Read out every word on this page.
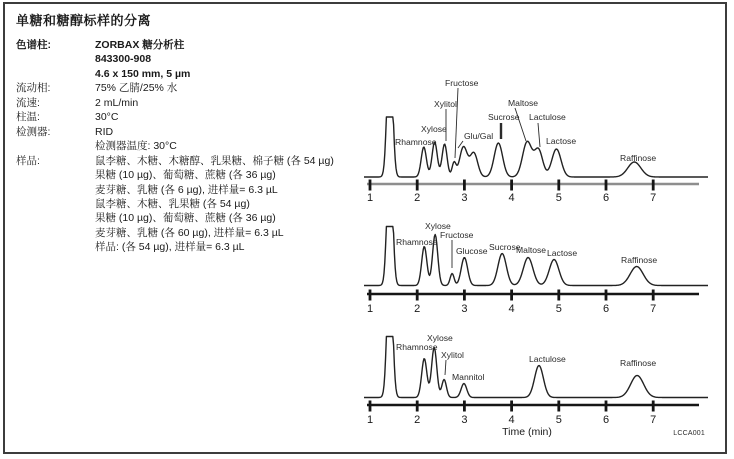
单糖和糖醇标样的分离
色谱柱:	ZORBAX 糖分析柱
843300-908
4.6 x 150 mm, 5 µm
流动相:	75% 乙腈/25% 水
流速:	2 mL/min
柱温:	30°C
检测器:	RID
检测器温度: 30°C
样品:	鼠李糖、木糖、木糖醇、乳果糖、棉子糖 (各 54 µg)
果糖 (10 µg)、葡萄糖、蔗糖 (各 36 µg)
麦芽糖、乳糖 (各 6 µg), 进样量= 6.3 µL
鼠李糖、木糖、乳果糖 (各 54 µg)
果糖 (10 µg)、葡萄糖、蔗糖 (各 36 µg)
麦芽糖、乳糖 (各 60 µg), 进样量= 6.3 µL
样品: (各 54 µg), 进样量= 6.3 µL
1	2	3	4	5	6	7
Rhamnose
Xylose
Xylitol
Fructose
Glu/Gal
Sucrose
Maltose
Lactulose
Lactose
Raffinose
1	2	3	4	5	6	7
Rhamnose
Xylose
Fructose
Glucose Sucrose
Maltose Lactose
Raffinose
1	2	3	4	5	6	7
Rhamnose
Xylose
Xylitol
Mannitol
Lactulose	Raffinose
Time (min)	LCCA001
